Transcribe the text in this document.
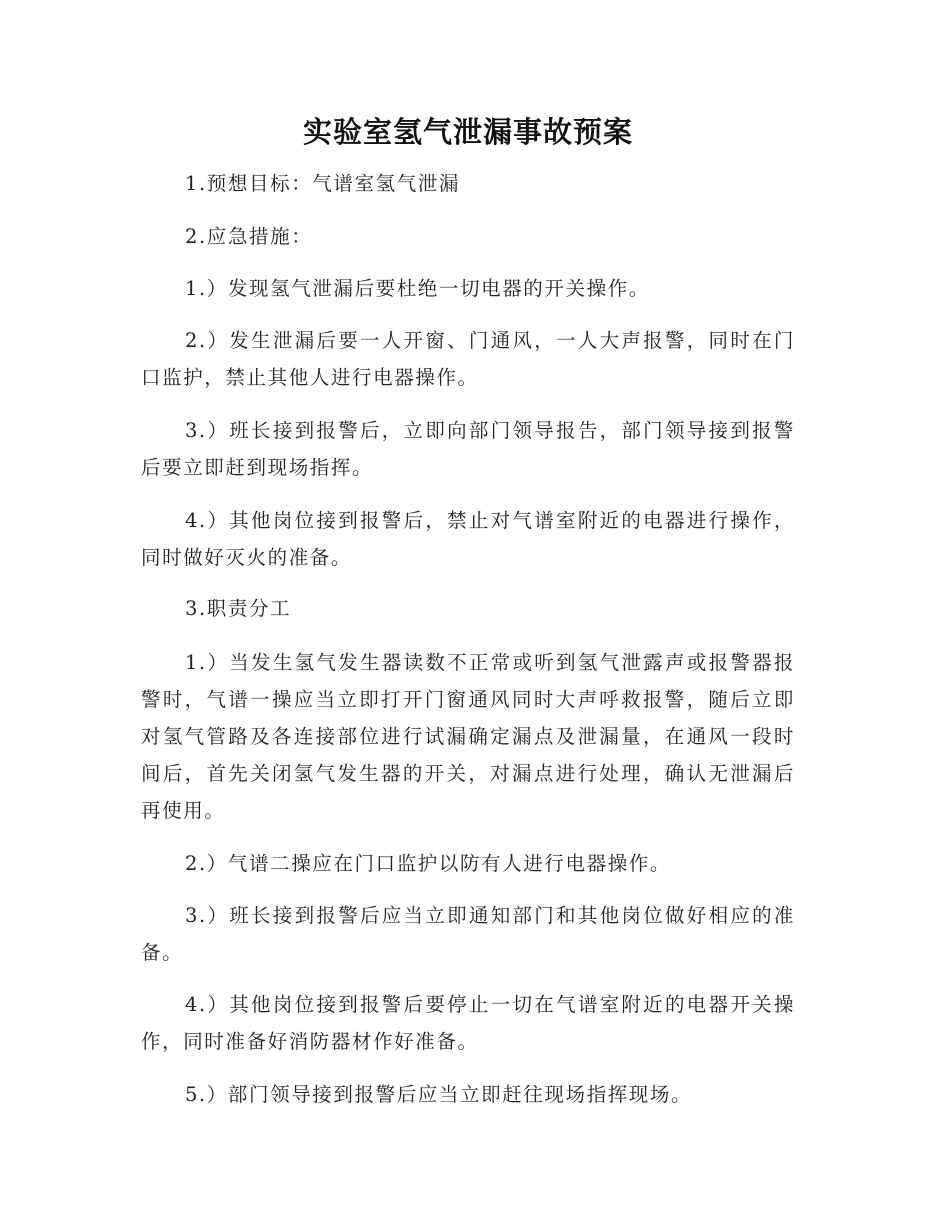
实验室氢气泄漏事故预案

1.预想目标：气谱室氢气泄漏

2.应急措施：

1.）发现氢气泄漏后要杜绝一切电器的开关操作。

2.）发生泄漏后要一人开窗、门通风，一人大声报警，同时在门口监护，禁止其他人进行电器操作。

3.）班长接到报警后，立即向部门领导报告，部门领导接到报警后要立即赶到现场指挥。

4.）其他岗位接到报警后，禁止对气谱室附近的电器进行操作，同时做好灭火的准备。

3.职责分工

1.）当发生氢气发生器读数不正常或听到氢气泄露声或报警器报警时，气谱一操应当立即打开门窗通风同时大声呼救报警，随后立即对氢气管路及各连接部位进行试漏确定漏点及泄漏量，在通风一段时间后，首先关闭氢气发生器的开关，对漏点进行处理，确认无泄漏后再使用。

2.）气谱二操应在门口监护以防有人进行电器操作。

3.）班长接到报警后应当立即通知部门和其他岗位做好相应的准备。

4.）其他岗位接到报警后要停止一切在气谱室附近的电器开关操作，同时准备好消防器材作好准备。

5.）部门领导接到报警后应当立即赶往现场指挥现场。
